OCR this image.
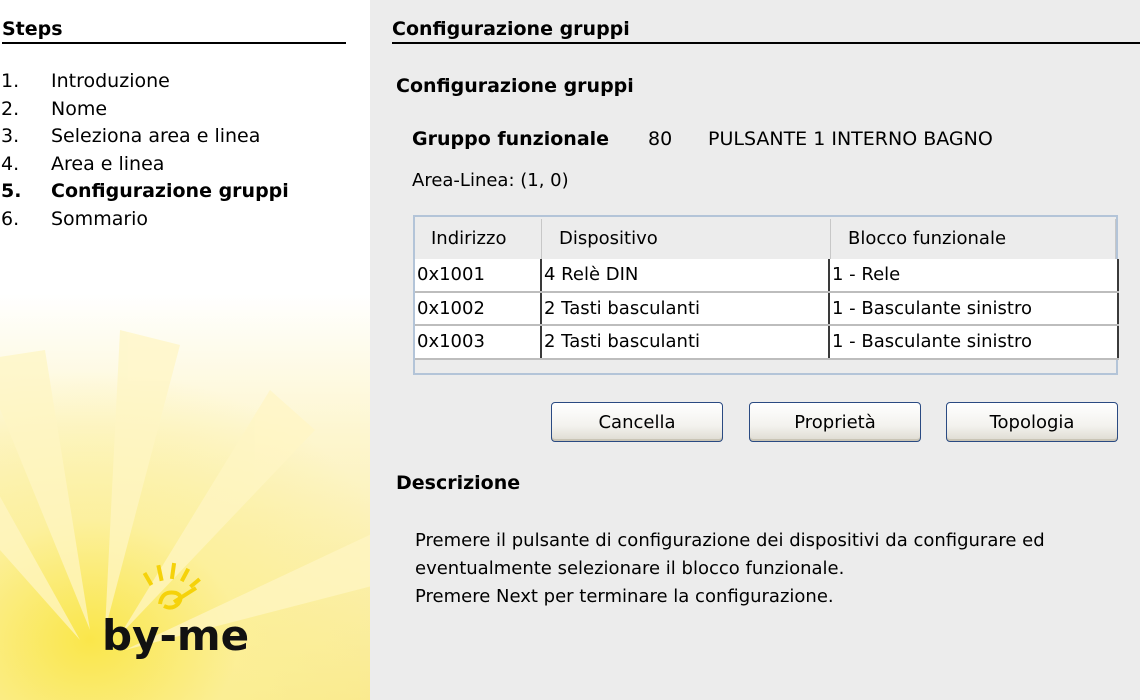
Steps
1. Introduzione
2. Nome
3. Seleziona area e linea
4. Area e linea
5. Configurazione gruppi
6. Sommario
by-me
Configurazione gruppi
Configurazione gruppi
Gruppo funzionale 80 PULSANTE 1 INTERNO BAGNO
Area-Linea: (1, 0)
Indirizzo	Dispositivo	Blocco funzionale
0x1001	4 Relè DIN	1 - Rele
0x1002	2 Tasti basculanti	1 - Basculante sinistro
0x1003	2 Tasti basculanti	1 - Basculante sinistro
Cancella	Proprietà	Topologia
Descrizione
Premere il pulsante di configurazione dei dispositivi da configurare ed
eventualmente selezionare il blocco funzionale.
Premere Next per terminare la configurazione.
